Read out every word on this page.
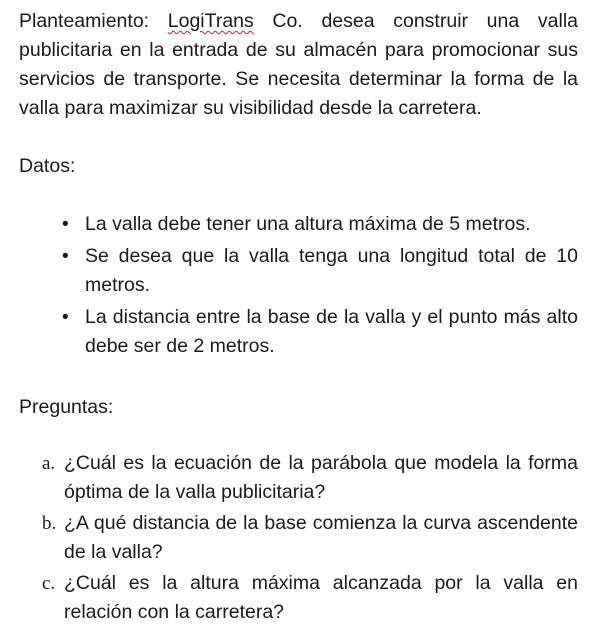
Planteamiento: LogiTrans Co. desea construir una valla publicitaria en la entrada de su almacén para promocionar sus servicios de transporte. Se necesita determinar la forma de la valla para maximizar su visibilidad desde la carretera.

Datos:

• La valla debe tener una altura máxima de 5 metros.
• Se desea que la valla tenga una longitud total de 10 metros.
• La distancia entre la base de la valla y el punto más alto debe ser de 2 metros.

Preguntas:

a. ¿Cuál es la ecuación de la parábola que modela la forma óptima de la valla publicitaria?
b. ¿A qué distancia de la base comienza la curva ascendente de la valla?
c. ¿Cuál es la altura máxima alcanzada por la valla en relación con la carretera?
